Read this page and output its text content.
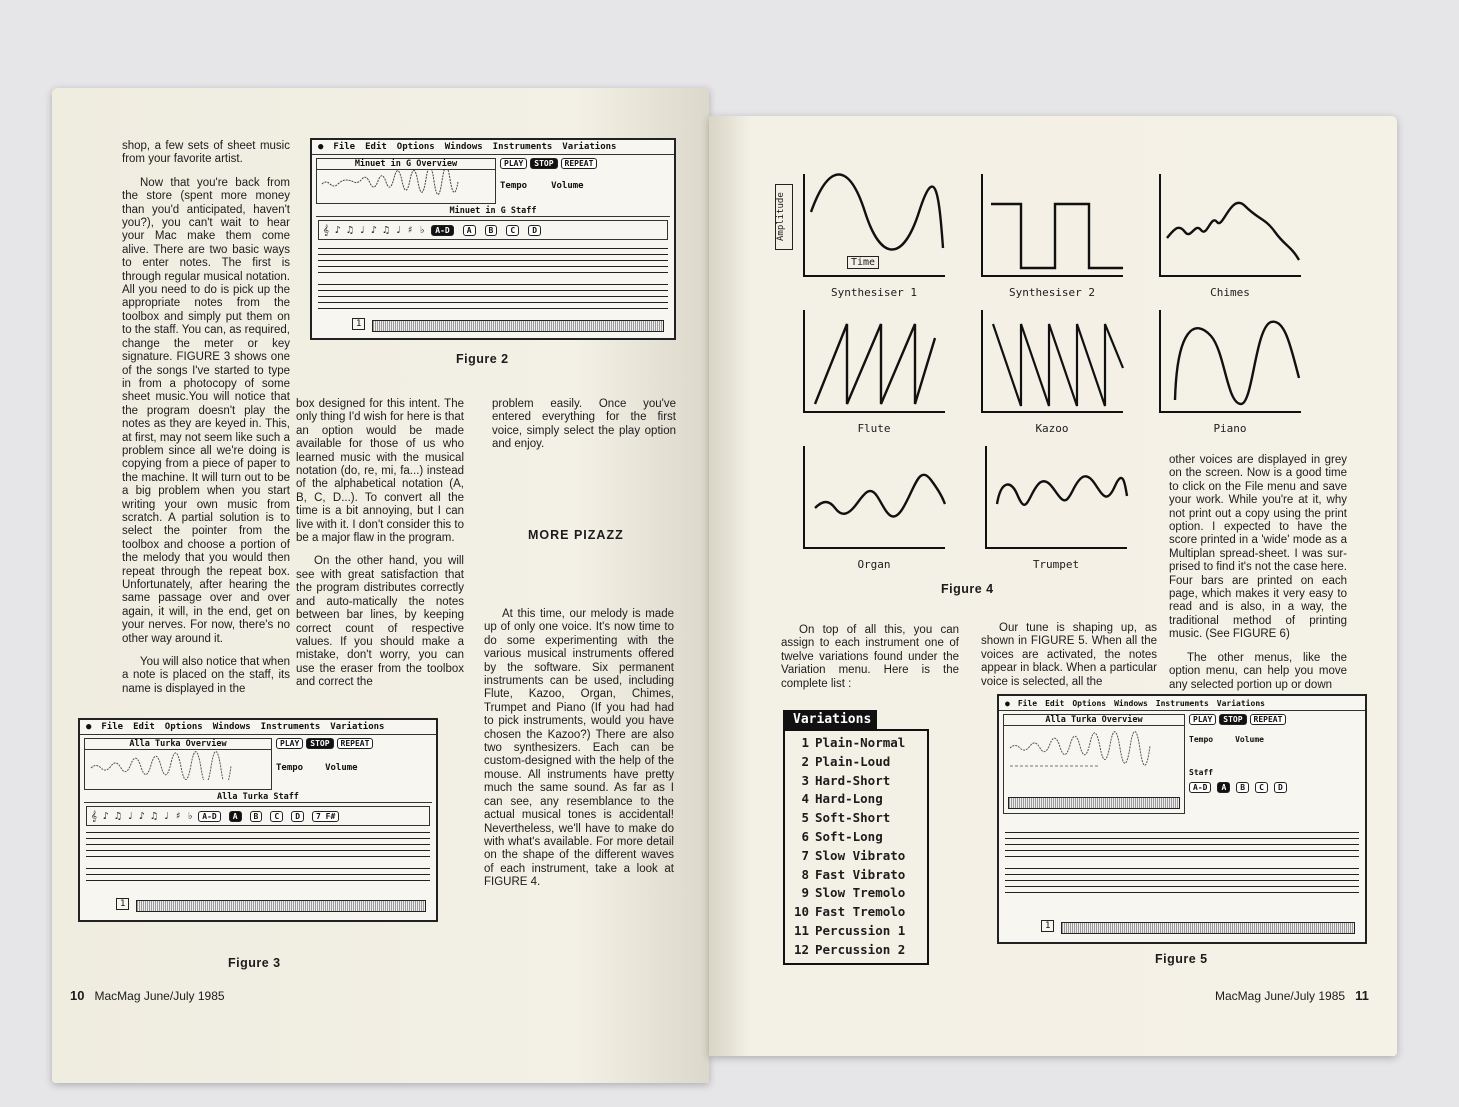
shop, a few sets of sheet music from your favorite artist.

Now that you're back from the store (spent more money than you'd anticipated, haven't you?), you can't wait to hear your Mac make them come alive. There are two basic ways to enter notes. The first is through regular musical notation. All you need to do is pick up the appropriate notes from the toolbox and simply put them on to the staff. You can, as required, change the meter or key signature. FIGURE 3 shows one of the songs I've started to type in from a photocopy of some sheet music.You will notice that the program doesn't play the notes as they are keyed in. This, at first, may not seem like such a problem since all we're doing is copying from a piece of paper to the machine. It will turn out to be a big problem when you start writing your own music from scratch. A partial solution is to select the pointer from the toolbox and choose a portion of the melody that you would then repeat through the repeat box. Unfortunately, after hearing the same passage over and over again, it will, in the end, get on your nerves. For now, there's no other way around it.

You will also notice that when a note is placed on the staff, its name is displayed in the

● File Edit Options Windows Instruments Variations
Minuet in G Overview	PLAY STOP REPEAT
Tempo	Volume
Minuet in G Staff
𝄞 ♪ ♫ ♩ ♪ ♫ ♩ ♯ ♭	A-D	A	B	C	D
1
Figure 2

box designed for this intent. The only thing I'd wish for here is that an option would be made available for those of us who learned music with the musical notation (do, re, mi, fa...) instead of the alphabetical notation (A, B, C, D...). To convert all the time is a bit annoying, but I can live with it. I don't consider this to be a major flaw in the program.

On the other hand, you will see with great satisfaction that the program distributes correctly and auto-matically the notes between bar lines, by keeping correct count of respective values. If you should make a mistake, don't worry, you can use the eraser from the toolbox and correct the

problem easily. Once you've entered everything for the first voice, simply select the play option and enjoy.

MORE PIZAZZ

At this time, our melody is made up of only one voice. It's now time to do some experimenting with the various musical instruments offered by the software. Six permanent instruments can be used, including Flute, Kazoo, Organ, Chimes, Trumpet and Piano (If you had had to pick instruments, would you have chosen the Kazoo?) There are also two synthesizers. Each can be custom-designed with the help of the mouse. All instruments have pretty much the same sound. As far as I can see, any resemblance to the actual musical tones is accidental! Nevertheless, we'll have to make do with what's available. For more detail on the shape of the different waves of each instrument, take a look at FIGURE 4.

● File Edit Options Windows Instruments Variations
Alla Turka Overview	PLAY STOP REPEAT
Tempo Volume
Alla Turka Staff
𝄞 ♪ ♫ ♩ ♪ ♫ ♩ ♯ ♭	A-D	A	B	C	D	7 F#
1
Figure 3
10 MacMag June/July 1985
Amplitude
Time
Synthesiser 1	Synthesiser 2	Chimes
Flute	Kazoo	Piano
Organ	Trumpet
Figure 4

other voices are displayed in grey on the screen. Now is a good time to click on the File menu and save your work. While you're at it, why not print out a copy using the print option. I expected to have the score printed in a 'wide' mode as a Multiplan spread-sheet. I was sur-prised to find it's not the case here. Four bars are printed on each page, which makes it very easy to read and is also, in a way, the traditional method of printing music. (See FIGURE 6)

The other menus, like the option menu, can help you move any selected portion up or down

On top of all this, you can assign to each instrument one of twelve variations found under the Variation menu. Here is the complete list :

Our tune is shaping up, as shown in FIGURE 5. When all the voices are activated, the notes appear in black. When a particular voice is selected, all the

Variations
1 Plain-Normal
2 Plain-Loud
3 Hard-Short
4 Hard-Long
5 Soft-Short
6 Soft-Long
7 Slow Vibrato
8 Fast Vibrato
9 Slow Tremolo
10 Fast Tremolo
11 Percussion 1
12 Percussion 2
● File Edit Options Windows Instruments Variations
Alla Turka Overview	PLAY STOP REPEAT
Tempo	Volume
Staff
A-D	A	B	C	D
1
Figure 5
MacMag June/July 1985 11
